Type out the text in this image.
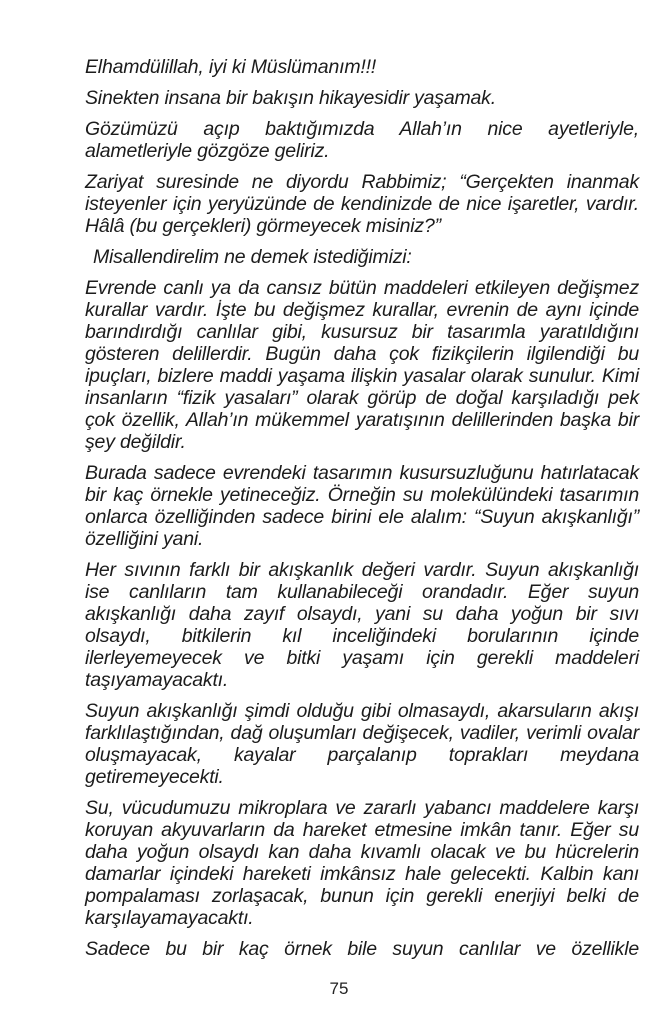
Elhamdülillah, iyi ki Müslümanım!!!

Sinekten insana bir bakışın hikayesidir yaşamak.

Gözümüzü açıp baktığımızda Allah’ın nice ayetleriyle, alametleriyle gözgöze geliriz.

Zariyat suresinde ne diyordu Rabbimiz; “Gerçekten inanmak isteyenler için yeryüzünde de kendinizde de nice işaretler, vardır. Hâlâ (bu gerçekleri) görmeyecek misiniz?”

Misallendirelim ne demek istediğimizi:

Evrende canlı ya da cansız bütün maddeleri etkileyen değişmez kurallar vardır. İşte bu değişmez kurallar, evrenin de aynı içinde barındırdığı canlılar gibi, kusursuz bir tasarımla yaratıldığını gösteren delillerdir. Bugün daha çok fizikçilerin ilgilendiği bu ipuçları, bizlere maddi yaşama ilişkin yasalar olarak sunulur. Kimi insanların “fizik yasaları” olarak görüp de doğal karşıladığı pek çok özellik, Allah’ın mükemmel yaratışının delillerinden başka bir şey değildir.

Burada sadece evrendeki tasarımın kusursuzluğunu hatırlatacak bir kaç örnekle yetineceğiz. Örneğin su molekülündeki tasarımın onlarca özelliğinden sadece birini ele alalım: “Suyun akışkanlığı” özelliğini yani.

Her sıvının farklı bir akışkanlık değeri vardır. Suyun akışkanlığı ise canlıların tam kullanabileceği orandadır. Eğer suyun akışkanlığı daha zayıf olsaydı, yani su daha yoğun bir sıvı olsaydı, bitkilerin kıl inceliğindeki borularının içinde ilerleyemeyecek ve bitki yaşamı için gerekli maddeleri taşıyamayacaktı.

Suyun akışkanlığı şimdi olduğu gibi olmasaydı, akarsuların akışı farklılaştığından, dağ oluşumları değişecek, vadiler, verimli ovalar oluşmayacak, kayalar parçalanıp toprakları meydana getiremeyecekti.

Su, vücudumuzu mikroplara ve zararlı yabancı maddelere karşı koruyan akyuvarların da hareket etmesine imkân tanır. Eğer su daha yoğun olsaydı kan daha kıvamlı olacak ve bu hücrelerin damarlar içindeki hareketi imkânsız hale gelecekti. Kalbin kanı pompalaması zorlaşacak, bunun için gerekli enerjiyi belki de karşılayamayacaktı.

Sadece bu bir kaç örnek bile suyun canlılar ve özellikle

75
